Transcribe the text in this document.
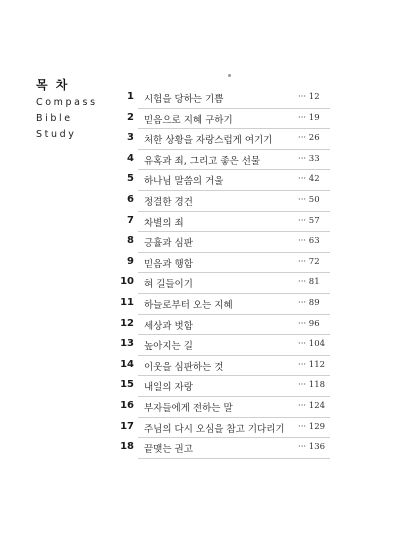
목 차
Compass
Bible
Study
1 시험을 당하는 기쁨	··· 12
2 믿음으로 지혜 구하기	··· 19
3 처한 상황을 자랑스럽게 여기기	··· 26
4 유혹과 죄, 그리고 좋은 선물	··· 33
5 하나님 말씀의 거울	··· 42
6 정결한 경건	··· 50
7 차별의 죄	··· 57
8 긍휼과 심판	··· 63
9 믿음과 행함	··· 72
10 혀 길들이기	··· 81
11 하늘로부터 오는 지혜	··· 89
12 세상과 벗함	··· 96
13 높아지는 길	··· 104
14 이웃을 심판하는 것	··· 112
15 내일의 자랑	··· 118
16 부자들에게 전하는 말	··· 124
17 주님의 다시 오심을 참고 기다리기 ··· 129
18 끝맺는 권고	··· 136
